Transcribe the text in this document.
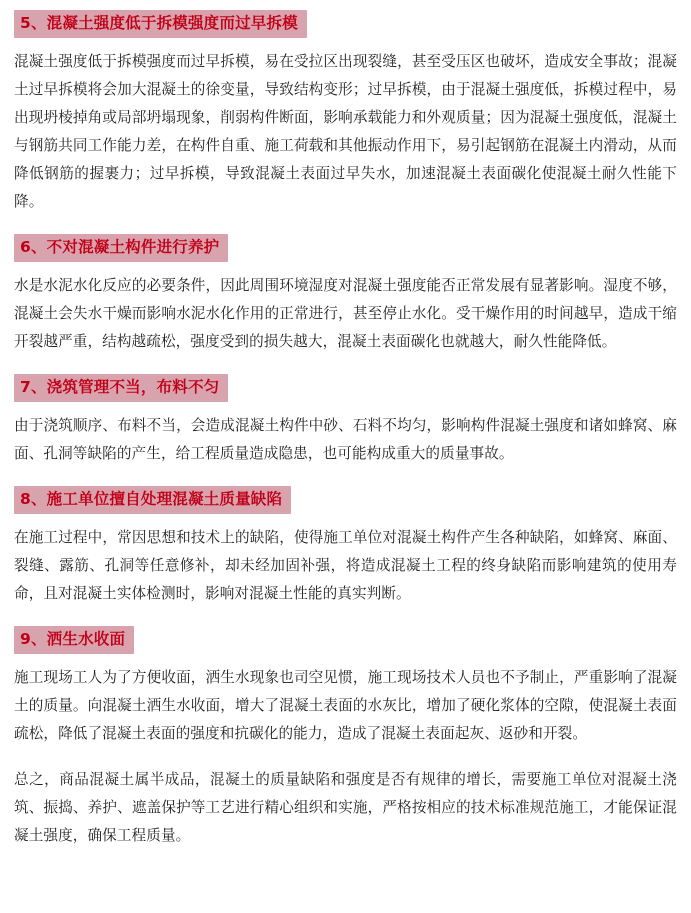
5、混凝土强度低于拆模强度而过早拆模

混凝土强度低于拆模强度而过早拆模，易在受拉区出现裂缝，甚至受压区也破坏，造成安全事故；混凝土过早拆模将会加大混凝土的徐变量，导致结构变形；过早拆模，由于混凝土强度低，拆模过程中，易出现坍棱掉角或局部坍塌现象，削弱构件断面，影响承载能力和外观质量；因为混凝土强度低，混凝土与钢筋共同工作能力差，在构件自重、施工荷载和其他振动作用下，易引起钢筋在混凝土内滑动，从而降低钢筋的握裹力；过早拆模，导致混凝土表面过早失水，加速混凝土表面碳化使混凝土耐久性能下降。

6、不对混凝土构件进行养护

水是水泥水化反应的必要条件，因此周围环境湿度对混凝土强度能否正常发展有显著影响。湿度不够，混凝土会失水干燥而影响水泥水化作用的正常进行，甚至停止水化。受干燥作用的时间越早，造成干缩开裂越严重，结构越疏松，强度受到的损失越大，混凝土表面碳化也就越大，耐久性能降低。

7、浇筑管理不当，布料不匀

由于浇筑顺序、布料不当，会造成混凝土构件中砂、石料不均匀，影响构件混凝土强度和诸如蜂窝、麻面、孔洞等缺陷的产生，给工程质量造成隐患，也可能构成重大的质量事故。

8、施工单位擅自处理混凝土质量缺陷

在施工过程中，常因思想和技术上的缺陷，使得施工单位对混凝土构件产生各种缺陷，如蜂窝、麻面、裂缝、露筋、孔洞等任意修补，却未经加固补强，将造成混凝土工程的终身缺陷而影响建筑的使用寿命，且对混凝土实体检测时，影响对混凝土性能的真实判断。

9、洒生水收面

施工现场工人为了方便收面，洒生水现象也司空见惯，施工现场技术人员也不予制止，严重影响了混凝土的质量。向混凝土洒生水收面，增大了混凝土表面的水灰比，增加了硬化浆体的空隙，使混凝土表面疏松，降低了混凝土表面的强度和抗碳化的能力，造成了混凝土表面起灰、返砂和开裂。

总之，商品混凝土属半成品，混凝土的质量缺陷和强度是否有规律的增长，需要施工单位对混凝土浇筑、振捣、养护、遮盖保护等工艺进行精心组织和实施，严格按相应的技术标准规范施工，才能保证混凝土强度，确保工程质量。
